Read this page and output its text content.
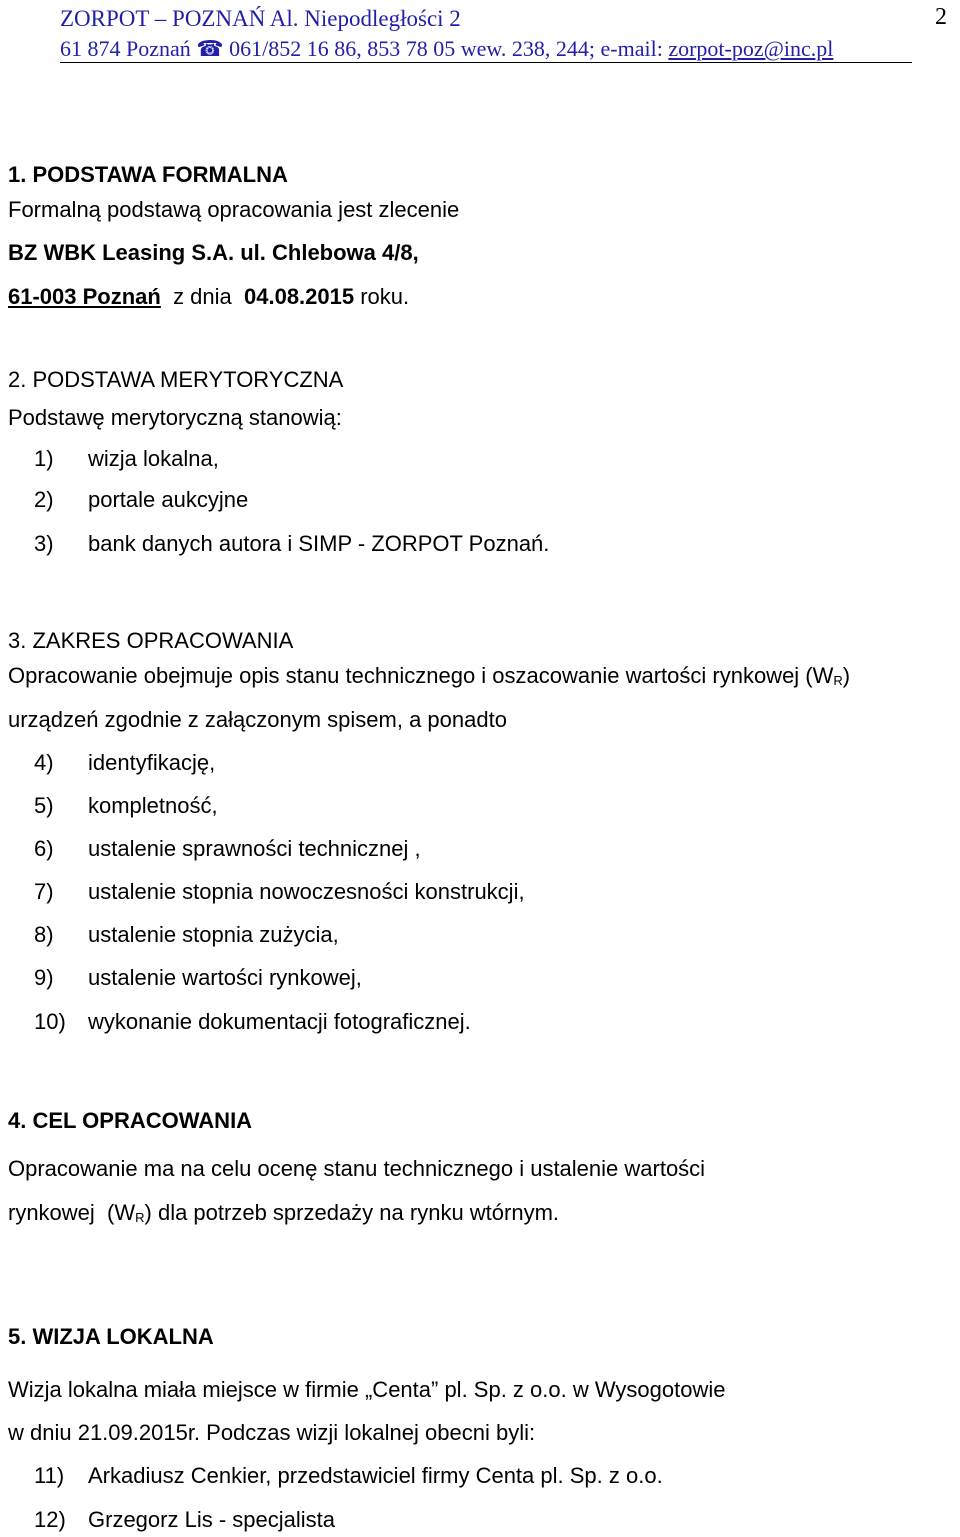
ZORPOT – POZNAŃ Al. Niepodległości 2
61 874 Poznań ☎ 061/852 16 86, 853 78 05 wew. 238, 244; e-mail: zorpot-poz@inc.pl
2
1. PODSTAWA FORMALNA
Formalną podstawą opracowania jest zlecenie
BZ WBK Leasing S.A. ul. Chlebowa 4/8,
61-003 Poznań  z dnia  04.08.2015 roku.
2. PODSTAWA MERYTORYCZNA
Podstawę merytoryczną stanowią:
1) wizja lokalna,
2) portale aukcyjne
3) bank danych autora i SIMP - ZORPOT Poznań.
3. ZAKRES OPRACOWANIA
Opracowanie obejmuje opis stanu technicznego i oszacowanie wartości rynkowej $(W_R)$
urządzeń zgodnie z załączonym spisem, a ponadto
4) identyfikację,
5) kompletność,
6) ustalenie sprawności technicznej ,
7) ustalenie stopnia nowoczesności konstrukcji,
8) ustalenie stopnia zużycia,
9) ustalenie wartości rynkowej,
10) wykonanie dokumentacji fotograficznej.
4. CEL OPRACOWANIA
Opracowanie ma na celu ocenę stanu technicznego i ustalenie wartości
rynkowej  $(W_R)$ dla potrzeb sprzedaży na rynku wtórnym.
5. WIZJA LOKALNA
Wizja lokalna miała miejsce w firmie „Centa” pl. Sp. z o.o. w Wysogotowie
w dniu 21.09.2015r. Podczas wizji lokalnej obecni byli:
11) Arkadiusz Cenkier, przedstawiciel firmy Centa pl. Sp. z o.o.
12) Grzegorz Lis - specjalista
